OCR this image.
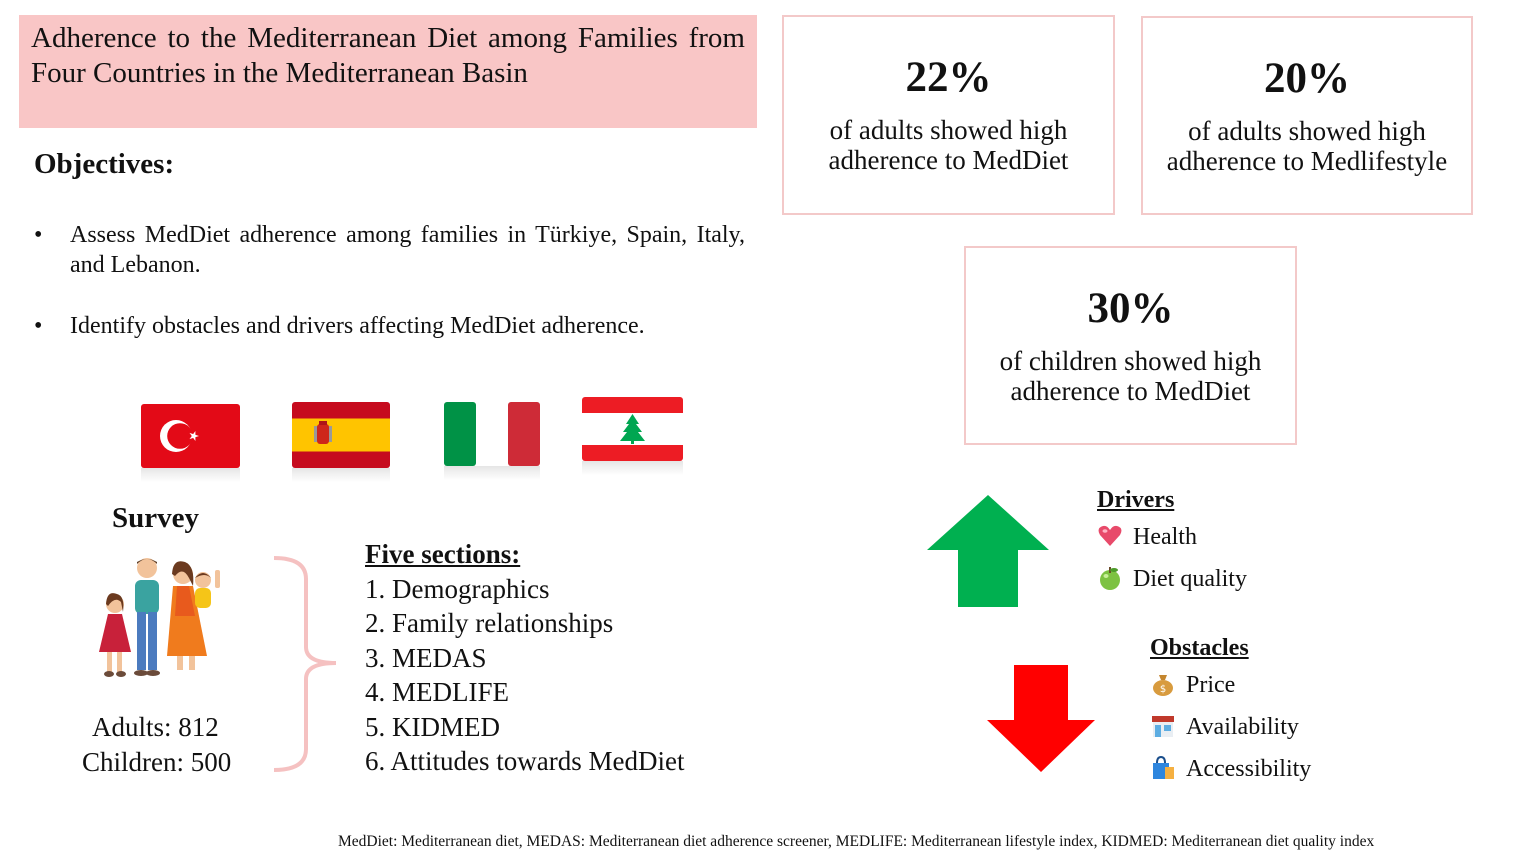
Adherence to the Mediterranean Diet among Families from Four Countries in the Mediterranean Basin
Objectives:
• Assess MedDiet adherence among families in Türkiye, Spain, Italy, and Lebanon.
• Identify obstacles and drivers affecting MedDiet adherence.
Survey
Adults: 812
Children: 500
Five sections:
1. Demographics
2. Family relationships
3. MEDAS
4. MEDLIFE
5. KIDMED
6. Attitudes towards MedDiet
22%
of adults showed high
adherence to MedDiet
20%
of adults showed high
adherence to Medlifestyle
30%
of children showed high
adherence to MedDiet
Drivers
Health
Diet quality
Obstacles
$ Price
Availability
Accessibility
MedDiet: Mediterranean diet, MEDAS: Mediterranean diet adherence screener, MEDLIFE: Mediterranean lifestyle index, KIDMED: Mediterranean diet quality index
